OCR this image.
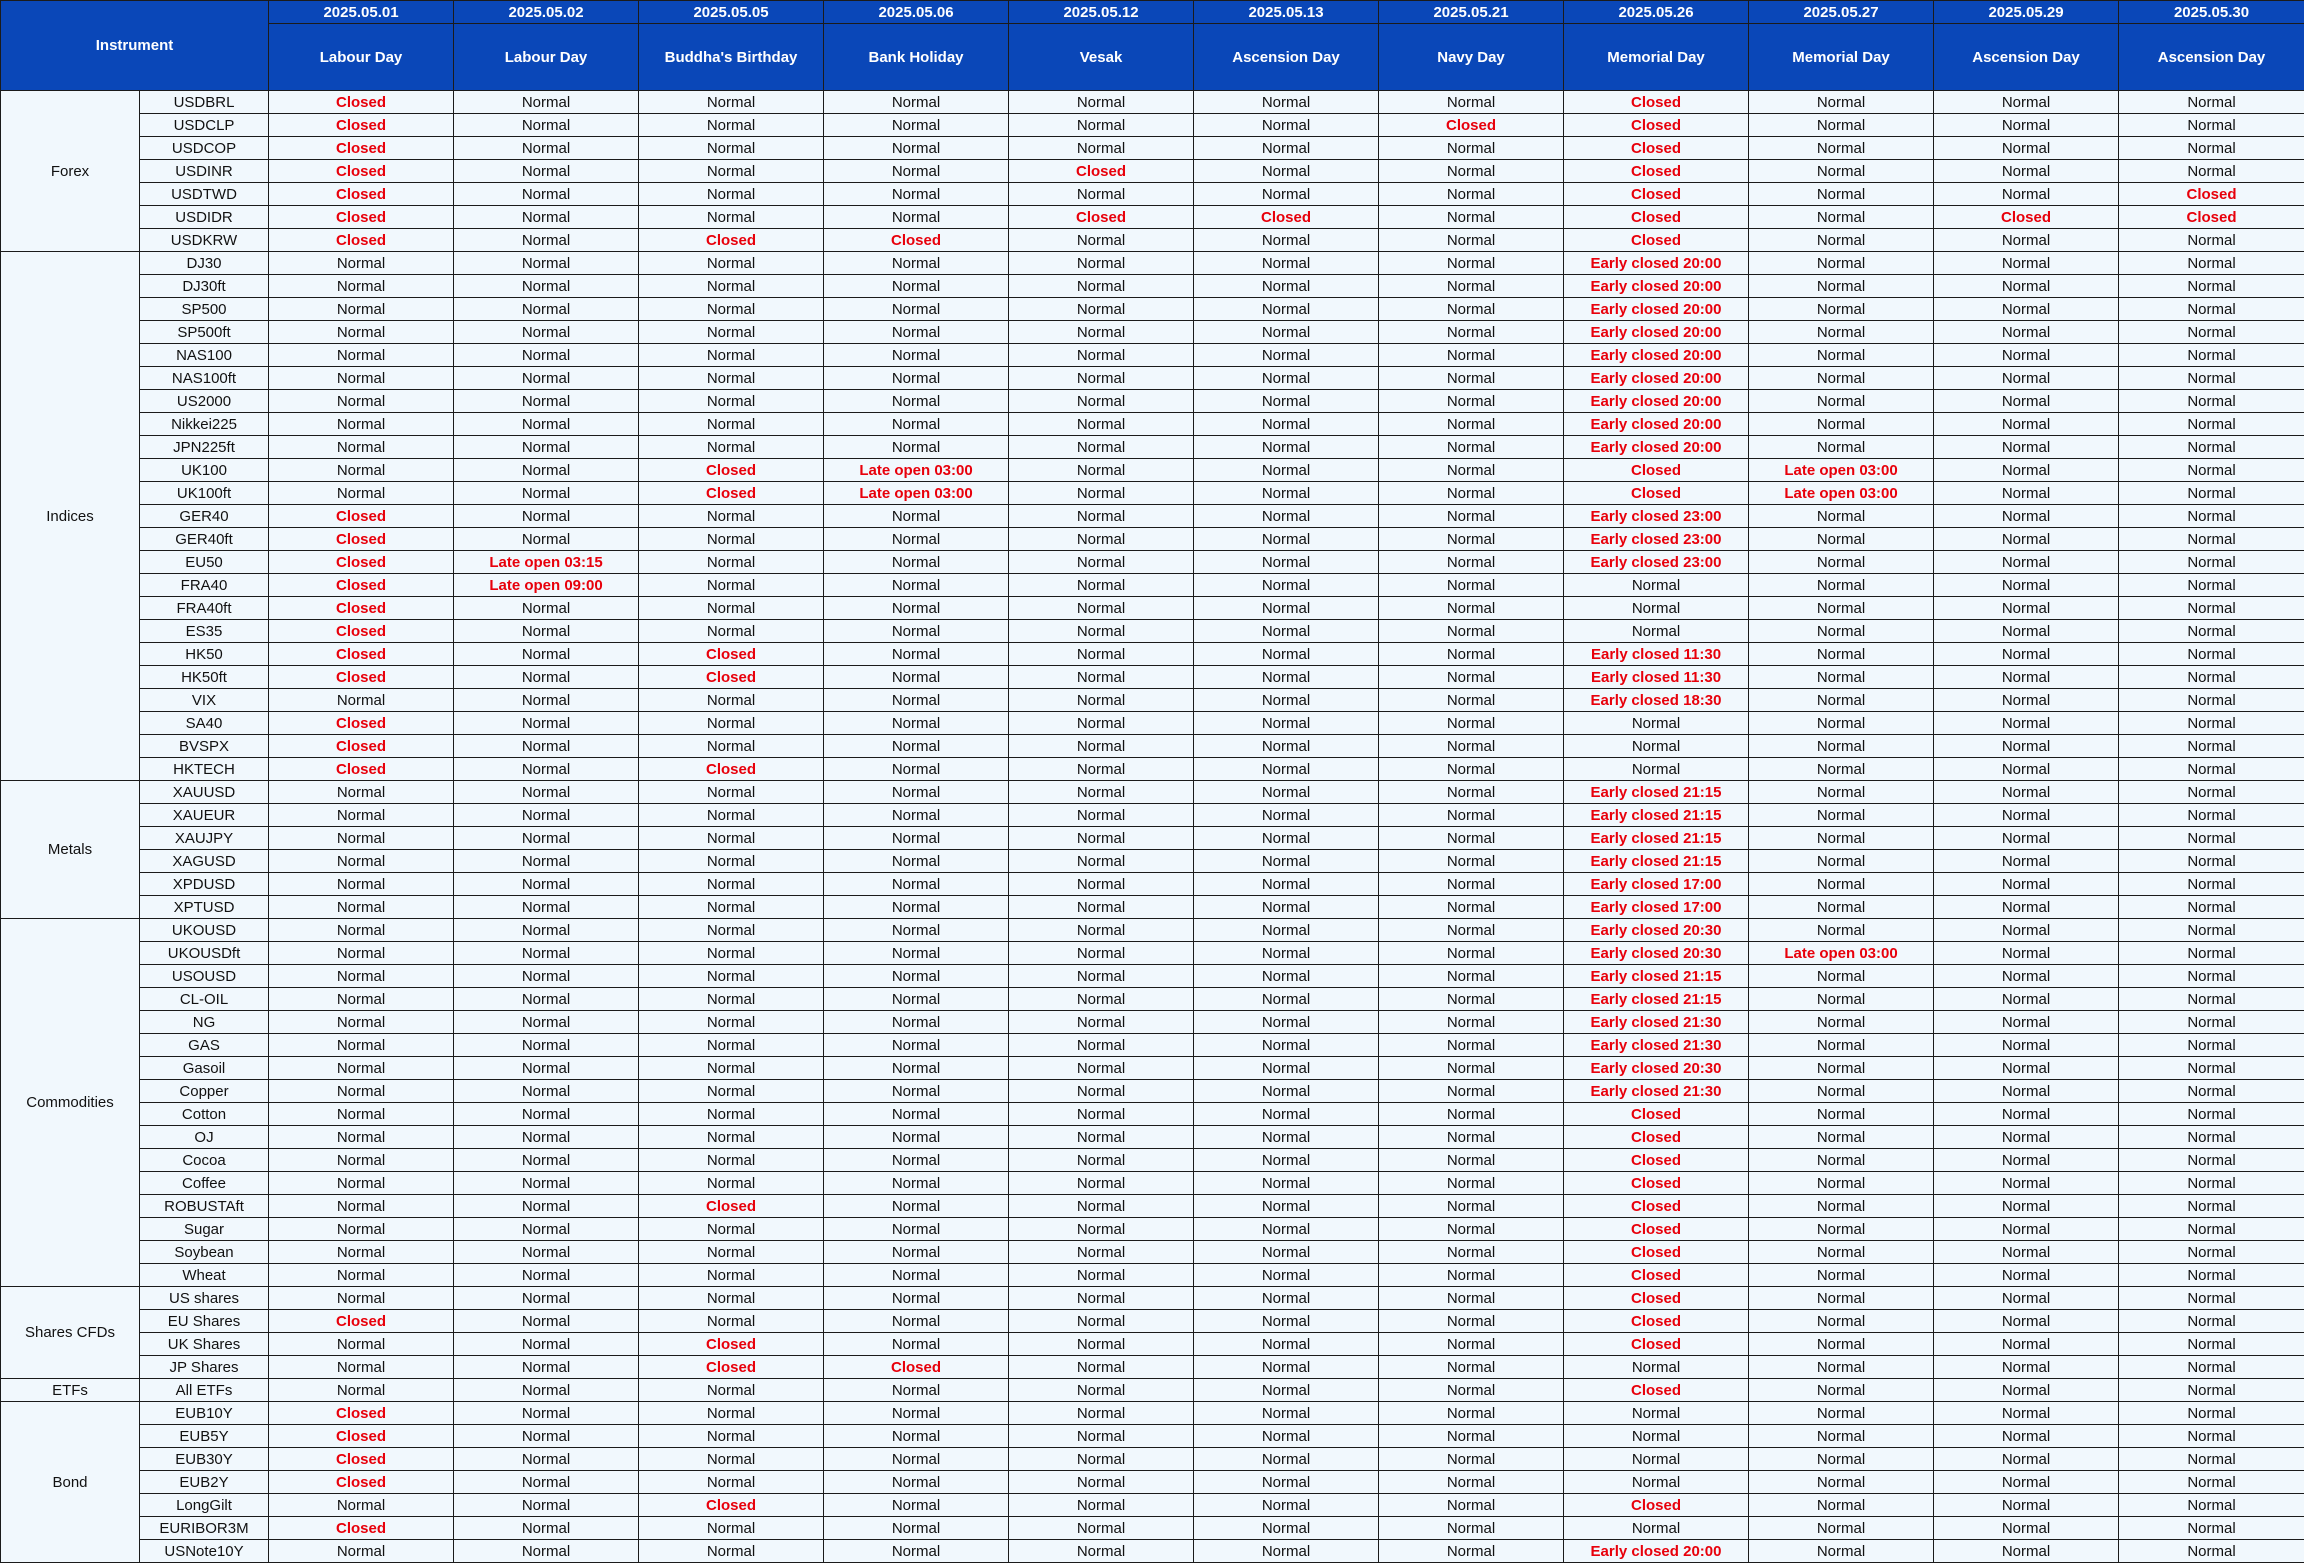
Instrument		2025.05.01	2025.05.02	2025.05.05	2025.05.06	2025.05.12	2025.05.13	2025.05.21	2025.05.26	2025.05.27	2025.05.29	2025.05.30
		Labour Day	Labour Day	Buddha's Birthday	Bank Holiday	Vesak	Ascension Day	Navy Day	Memorial Day	Memorial Day	Ascension Day	Ascension Day
Forex	USDBRL	Closed	Normal	Normal	Normal	Normal	Normal	Normal	Closed	Normal	Normal	Normal
	USDCLP	Closed	Normal	Normal	Normal	Normal	Normal	Closed	Closed	Normal	Normal	Normal
	USDCOP	Closed	Normal	Normal	Normal	Normal	Normal	Normal	Closed	Normal	Normal	Normal
	USDINR	Closed	Normal	Normal	Normal	Closed	Normal	Normal	Closed	Normal	Normal	Normal
	USDTWD	Closed	Normal	Normal	Normal	Normal	Normal	Normal	Closed	Normal	Normal	Closed
	USDIDR	Closed	Normal	Normal	Normal	Closed	Closed	Normal	Closed	Normal	Closed	Closed
	USDKRW	Closed	Normal	Closed	Closed	Normal	Normal	Normal	Closed	Normal	Normal	Normal
Indices	DJ30	Normal	Normal	Normal	Normal	Normal	Normal	Normal	Early closed 20:00	Normal	Normal	Normal
	DJ30ft	Normal	Normal	Normal	Normal	Normal	Normal	Normal	Early closed 20:00	Normal	Normal	Normal
	SP500	Normal	Normal	Normal	Normal	Normal	Normal	Normal	Early closed 20:00	Normal	Normal	Normal
	SP500ft	Normal	Normal	Normal	Normal	Normal	Normal	Normal	Early closed 20:00	Normal	Normal	Normal
	NAS100	Normal	Normal	Normal	Normal	Normal	Normal	Normal	Early closed 20:00	Normal	Normal	Normal
	NAS100ft	Normal	Normal	Normal	Normal	Normal	Normal	Normal	Early closed 20:00	Normal	Normal	Normal
	US2000	Normal	Normal	Normal	Normal	Normal	Normal	Normal	Early closed 20:00	Normal	Normal	Normal
	Nikkei225	Normal	Normal	Normal	Normal	Normal	Normal	Normal	Early closed 20:00	Normal	Normal	Normal
	JPN225ft	Normal	Normal	Normal	Normal	Normal	Normal	Normal	Early closed 20:00	Normal	Normal	Normal
	UK100	Normal	Normal	Closed	Late open 03:00	Normal	Normal	Normal	Closed	Late open 03:00	Normal	Normal
	UK100ft	Normal	Normal	Closed	Late open 03:00	Normal	Normal	Normal	Closed	Late open 03:00	Normal	Normal
	GER40	Closed	Normal	Normal	Normal	Normal	Normal	Normal	Early closed 23:00	Normal	Normal	Normal
	GER40ft	Closed	Normal	Normal	Normal	Normal	Normal	Normal	Early closed 23:00	Normal	Normal	Normal
	EU50	Closed	Late open 03:15	Normal	Normal	Normal	Normal	Normal	Early closed 23:00	Normal	Normal	Normal
	FRA40	Closed	Late open 09:00	Normal	Normal	Normal	Normal	Normal	Normal	Normal	Normal	Normal
	FRA40ft	Closed	Normal	Normal	Normal	Normal	Normal	Normal	Normal	Normal	Normal	Normal
	ES35	Closed	Normal	Normal	Normal	Normal	Normal	Normal	Normal	Normal	Normal	Normal
	HK50	Closed	Normal	Closed	Normal	Normal	Normal	Normal	Early closed 11:30	Normal	Normal	Normal
	HK50ft	Closed	Normal	Closed	Normal	Normal	Normal	Normal	Early closed 11:30	Normal	Normal	Normal
	VIX	Normal	Normal	Normal	Normal	Normal	Normal	Normal	Early closed 18:30	Normal	Normal	Normal
	SA40	Closed	Normal	Normal	Normal	Normal	Normal	Normal	Normal	Normal	Normal	Normal
	BVSPX	Closed	Normal	Normal	Normal	Normal	Normal	Normal	Normal	Normal	Normal	Normal
	HKTECH	Closed	Normal	Closed	Normal	Normal	Normal	Normal	Normal	Normal	Normal	Normal
Metals	XAUUSD	Normal	Normal	Normal	Normal	Normal	Normal	Normal	Early closed 21:15	Normal	Normal	Normal
	XAUEUR	Normal	Normal	Normal	Normal	Normal	Normal	Normal	Early closed 21:15	Normal	Normal	Normal
	XAUJPY	Normal	Normal	Normal	Normal	Normal	Normal	Normal	Early closed 21:15	Normal	Normal	Normal
	XAGUSD	Normal	Normal	Normal	Normal	Normal	Normal	Normal	Early closed 21:15	Normal	Normal	Normal
	XPDUSD	Normal	Normal	Normal	Normal	Normal	Normal	Normal	Early closed 17:00	Normal	Normal	Normal
	XPTUSD	Normal	Normal	Normal	Normal	Normal	Normal	Normal	Early closed 17:00	Normal	Normal	Normal
Commodities	UKOUSD	Normal	Normal	Normal	Normal	Normal	Normal	Normal	Early closed 20:30	Normal	Normal	Normal
	UKOUSDft	Normal	Normal	Normal	Normal	Normal	Normal	Normal	Early closed 20:30	Late open 03:00	Normal	Normal
	USOUSD	Normal	Normal	Normal	Normal	Normal	Normal	Normal	Early closed 21:15	Normal	Normal	Normal
	CL-OIL	Normal	Normal	Normal	Normal	Normal	Normal	Normal	Early closed 21:15	Normal	Normal	Normal
	NG	Normal	Normal	Normal	Normal	Normal	Normal	Normal	Early closed 21:30	Normal	Normal	Normal
	GAS	Normal	Normal	Normal	Normal	Normal	Normal	Normal	Early closed 21:30	Normal	Normal	Normal
	Gasoil	Normal	Normal	Normal	Normal	Normal	Normal	Normal	Early closed 20:30	Normal	Normal	Normal
	Copper	Normal	Normal	Normal	Normal	Normal	Normal	Normal	Early closed 21:30	Normal	Normal	Normal
	Cotton	Normal	Normal	Normal	Normal	Normal	Normal	Normal	Closed	Normal	Normal	Normal
	OJ	Normal	Normal	Normal	Normal	Normal	Normal	Normal	Closed	Normal	Normal	Normal
	Cocoa	Normal	Normal	Normal	Normal	Normal	Normal	Normal	Closed	Normal	Normal	Normal
	Coffee	Normal	Normal	Normal	Normal	Normal	Normal	Normal	Closed	Normal	Normal	Normal
	ROBUSTAft	Normal	Normal	Closed	Normal	Normal	Normal	Normal	Closed	Normal	Normal	Normal
	Sugar	Normal	Normal	Normal	Normal	Normal	Normal	Normal	Closed	Normal	Normal	Normal
	Soybean	Normal	Normal	Normal	Normal	Normal	Normal	Normal	Closed	Normal	Normal	Normal
	Wheat	Normal	Normal	Normal	Normal	Normal	Normal	Normal	Closed	Normal	Normal	Normal
Shares CFDs	US shares	Normal	Normal	Normal	Normal	Normal	Normal	Normal	Closed	Normal	Normal	Normal
	EU Shares	Closed	Normal	Normal	Normal	Normal	Normal	Normal	Closed	Normal	Normal	Normal
	UK Shares	Normal	Normal	Closed	Normal	Normal	Normal	Normal	Closed	Normal	Normal	Normal
	JP Shares	Normal	Normal	Closed	Closed	Normal	Normal	Normal	Normal	Normal	Normal	Normal
ETFs	All ETFs	Normal	Normal	Normal	Normal	Normal	Normal	Normal	Closed	Normal	Normal	Normal
Bond	EUB10Y	Closed	Normal	Normal	Normal	Normal	Normal	Normal	Normal	Normal	Normal	Normal
	EUB5Y	Closed	Normal	Normal	Normal	Normal	Normal	Normal	Normal	Normal	Normal	Normal
	EUB30Y	Closed	Normal	Normal	Normal	Normal	Normal	Normal	Normal	Normal	Normal	Normal
	EUB2Y	Closed	Normal	Normal	Normal	Normal	Normal	Normal	Normal	Normal	Normal	Normal
	LongGilt	Normal	Normal	Closed	Normal	Normal	Normal	Normal	Closed	Normal	Normal	Normal
	EURIBOR3M	Closed	Normal	Normal	Normal	Normal	Normal	Normal	Normal	Normal	Normal	Normal
	USNote10Y	Normal	Normal	Normal	Normal	Normal	Normal	Normal	Early closed 20:00	Normal	Normal	Normal
